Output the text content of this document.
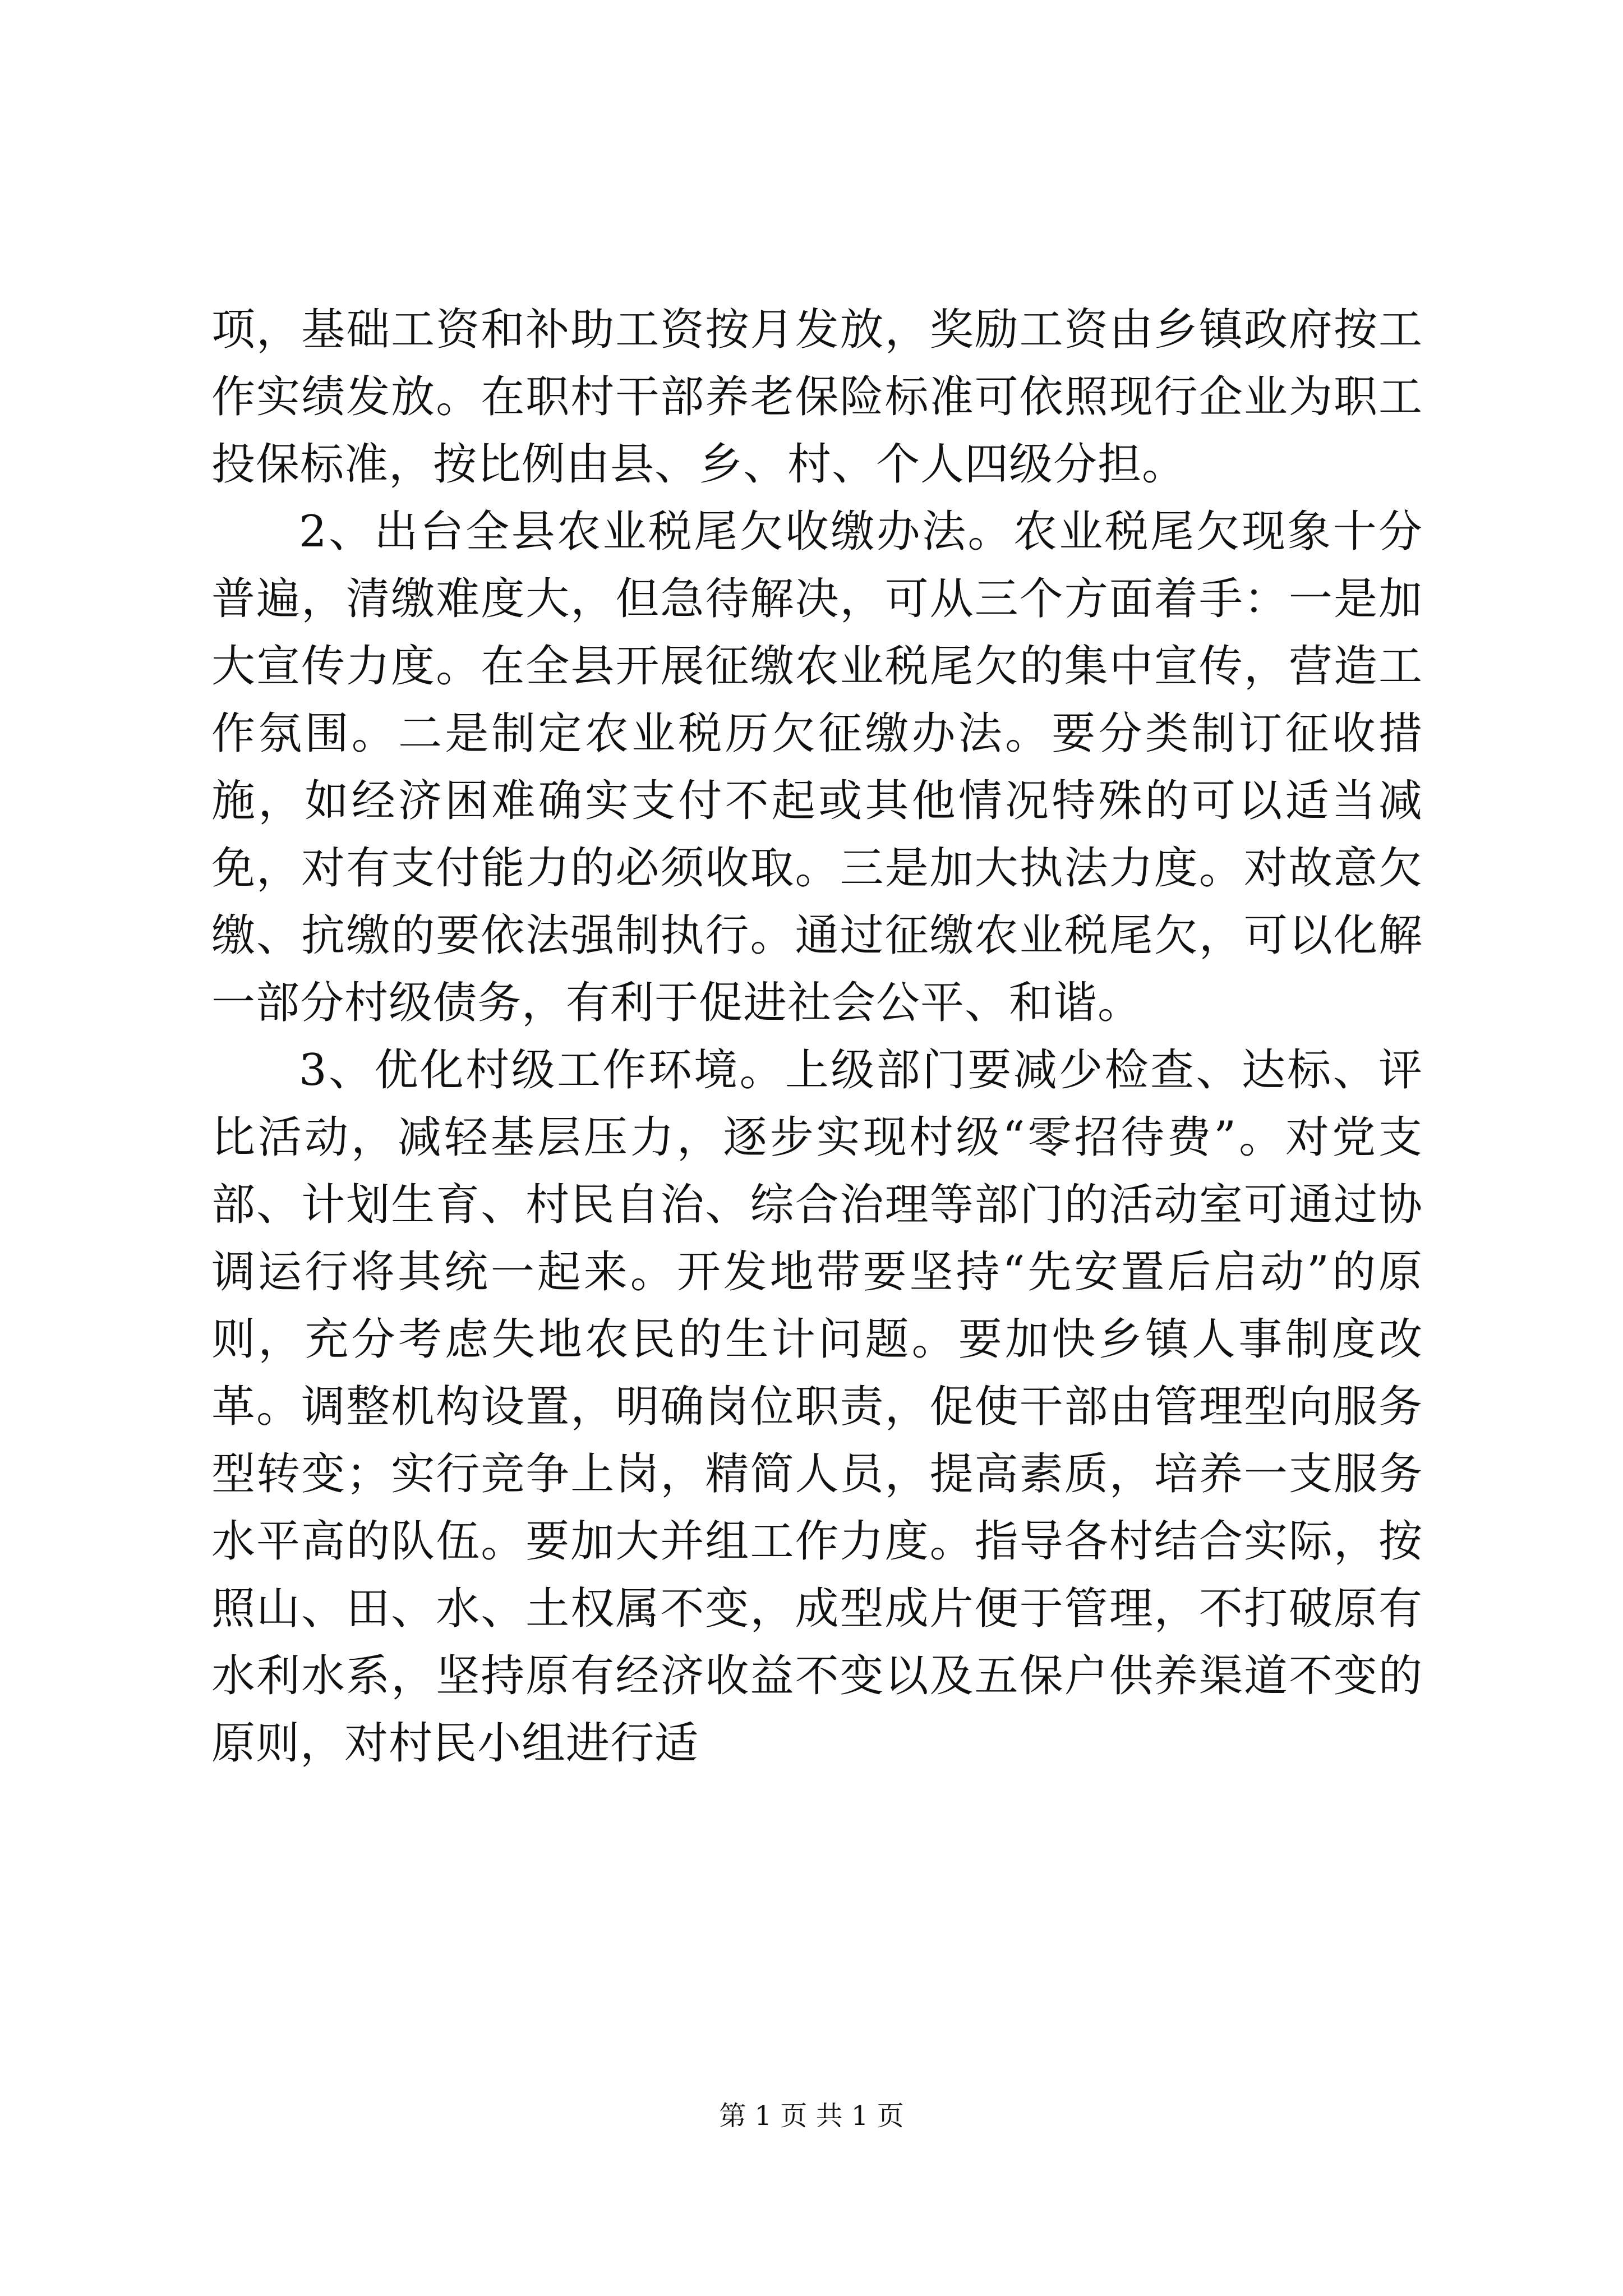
项，基础工资和补助工资按月发放，奖励工资由乡镇政府按工作实绩发放。在职村干部养老保险标准可依照现行企业为职工投保标准，按比例由县、乡、村、个人四级分担。

2、出台全县农业税尾欠收缴办法。农业税尾欠现象十分普遍，清缴难度大，但急待解决，可从三个方面着手：一是加大宣传力度。在全县开展征缴农业税尾欠的集中宣传，营造工作氛围。二是制定农业税历欠征缴办法。要分类制订征收措施，如经济困难确实支付不起或其他情况特殊的可以适当减免，对有支付能力的必须收取。三是加大执法力度。对故意欠缴、抗缴的要依法强制执行。通过征缴农业税尾欠，可以化解一部分村级债务，有利于促进社会公平、和谐。

3、优化村级工作环境。上级部门要减少检查、达标、评比活动，减轻基层压力，逐步实现村级“零招待费”。对党支部、计划生育、村民自治、综合治理等部门的活动室可通过协调运行将其统一起来。开发地带要坚持“先安置后启动”的原则，充分考虑失地农民的生计问题。要加快乡镇人事制度改革。调整机构设置，明确岗位职责，促使干部由管理型向服务型转变；实行竞争上岗，精简人员，提高素质，培养一支服务水平高的队伍。要加大并组工作力度。指导各村结合实际，按照山、田、水、土权属不变，成型成片便于管理，不打破原有水利水系，坚持原有经济收益不变以及五保户供养渠道不变的原则，对村民小组进行适

第 1 页 共 1 页
